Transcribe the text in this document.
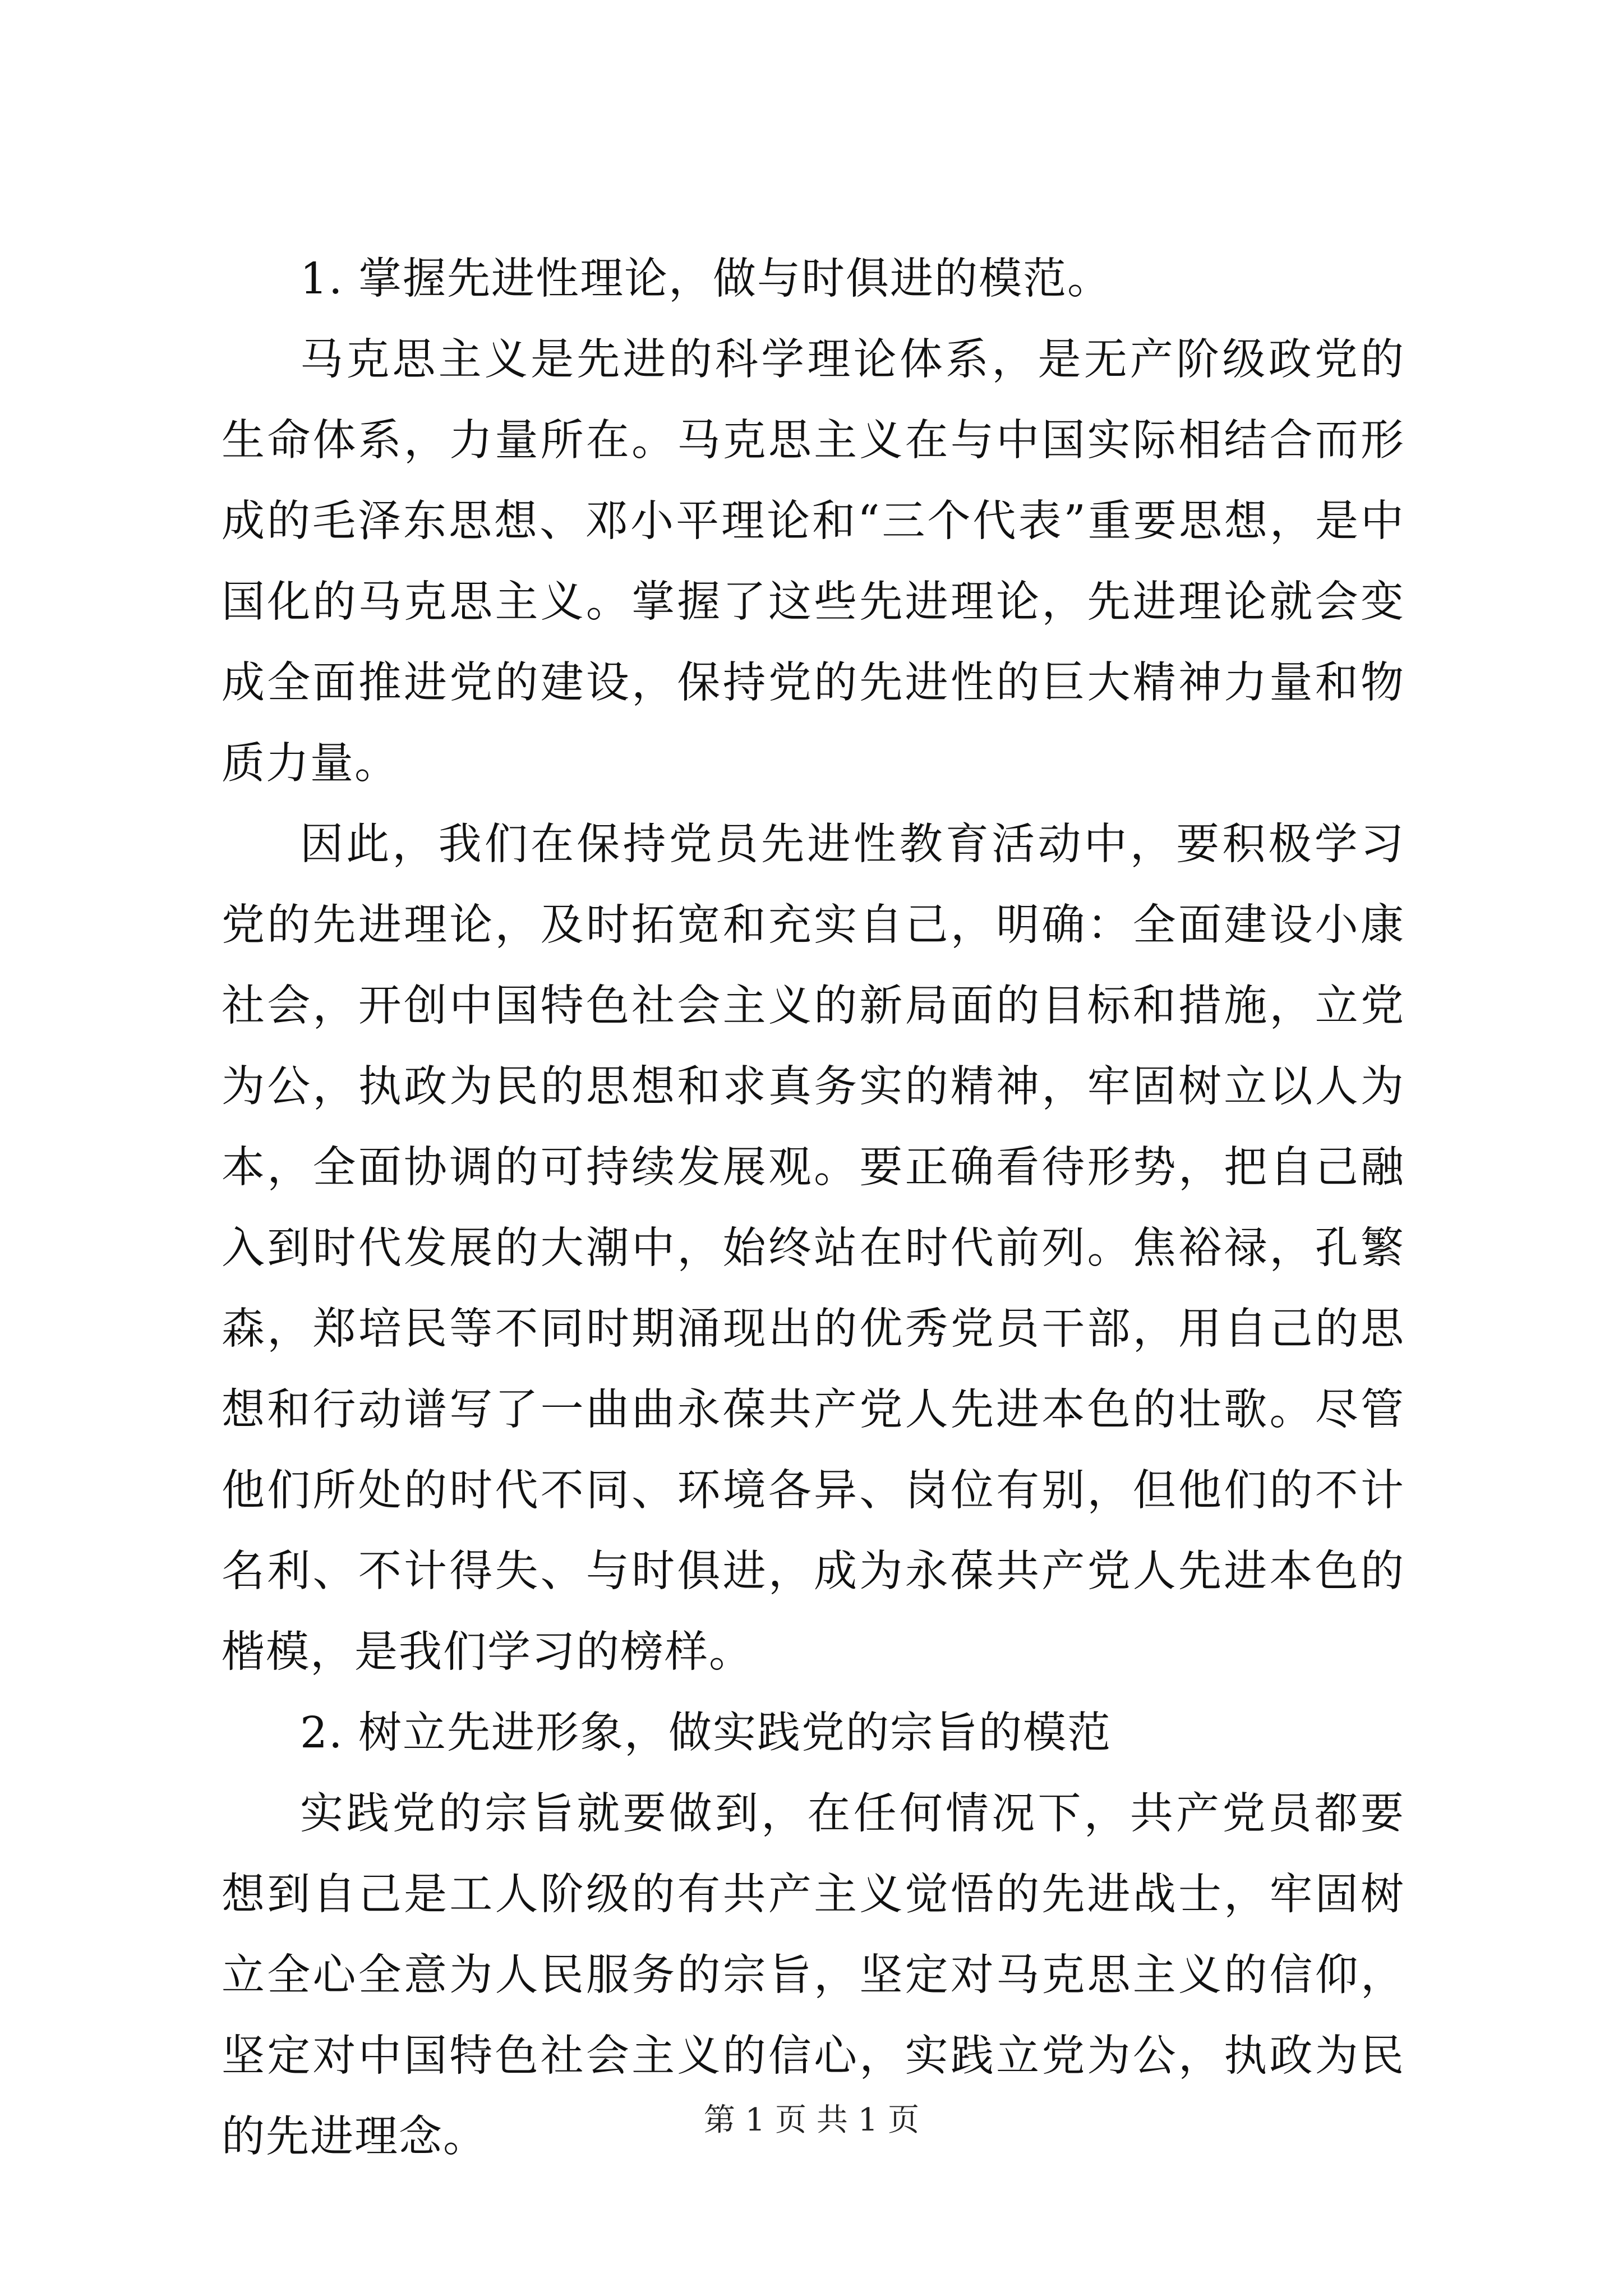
1. 掌握先进性理论，做与时俱进的模范。

马克思主义是先进的科学理论体系，是无产阶级政党的生命体系，力量所在。马克思主义在与中国实际相结合而形成的毛泽东思想、邓小平理论和“三个代表”重要思想，是中国化的马克思主义。掌握了这些先进理论，先进理论就会变成全面推进党的建设，保持党的先进性的巨大精神力量和物质力量。

因此，我们在保持党员先进性教育活动中，要积极学习党的先进理论，及时拓宽和充实自己，明确：全面建设小康社会，开创中国特色社会主义的新局面的目标和措施，立党为公，执政为民的思想和求真务实的精神，牢固树立以人为本，全面协调的可持续发展观。要正确看待形势，把自己融入到时代发展的大潮中，始终站在时代前列。焦裕禄，孔繁森，郑培民等不同时期涌现出的优秀党员干部，用自己的思想和行动谱写了一曲曲永葆共产党人先进本色的壮歌。尽管他们所处的时代不同、环境各异、岗位有别，但他们的不计名利、不计得失、与时俱进，成为永葆共产党人先进本色的楷模，是我们学习的榜样。

2. 树立先进形象，做实践党的宗旨的模范

实践党的宗旨就要做到，在任何情况下，共产党员都要想到自己是工人阶级的有共产主义觉悟的先进战士，牢固树立全心全意为人民服务的宗旨，坚定对马克思主义的信仰，坚定对中国特色社会主义的信心，实践立党为公，执政为民的先进理念。	第 1 页 共 1 页
